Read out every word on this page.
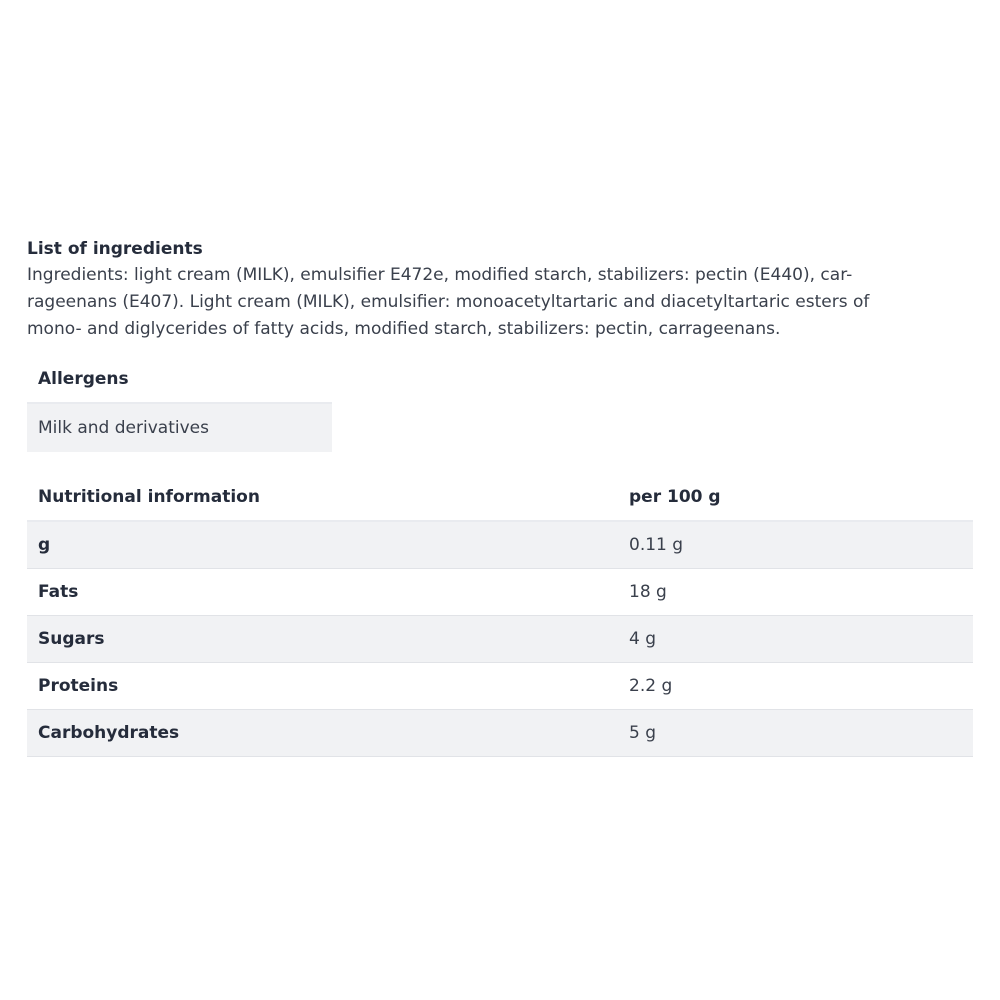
List of ingredients

Ingredients: light cream (MILK), emulsifier E472e, modified starch, stabilizers: pectin (E440), car-

rageenans (E407). Light cream (MILK), emulsifier: monoacetyltartaric and diacetyltartaric esters of

mono- and diglycerides of fatty acids, modified starch, stabilizers: pectin, carrageenans.

Allergens
Milk and derivatives
Nutritional information	per 100 g
g	0.11 g
Fats	18 g
Sugars	4 g
Proteins	2.2 g
Carbohydrates	5 g
